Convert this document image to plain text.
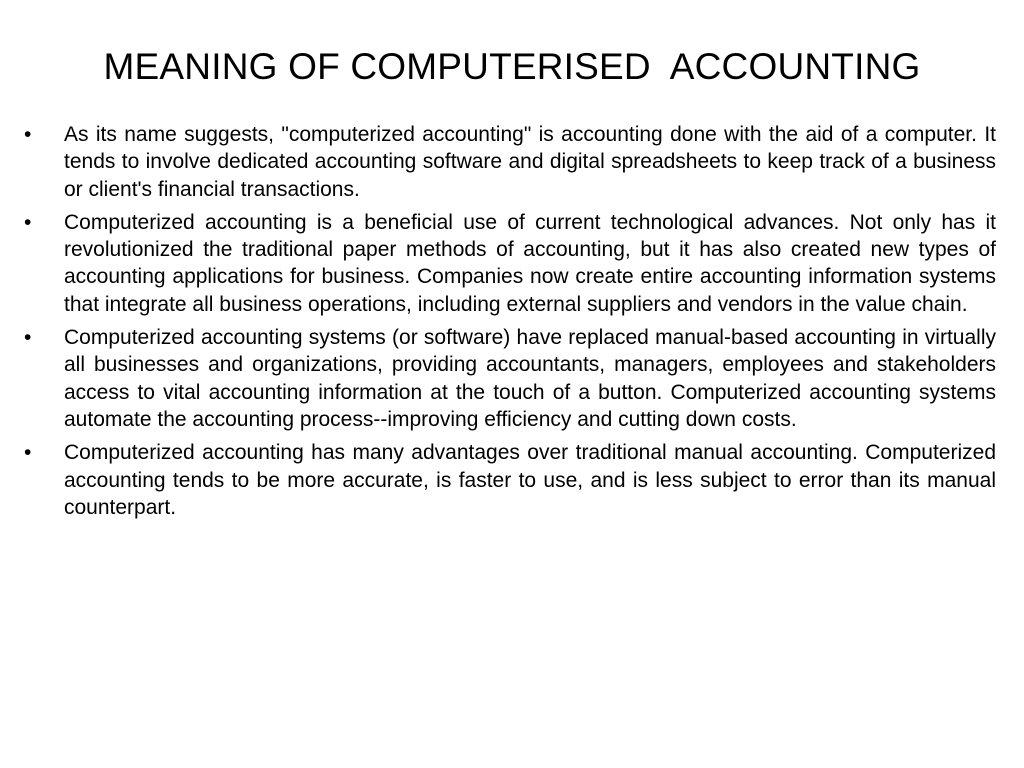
MEANING OF COMPUTERISED  ACCOUNTING
•	As its name suggests, "computerized accounting" is accounting done with the aid of a computer. It tends to involve dedicated accounting software and digital spreadsheets to keep track of a business or client's financial transactions.
•	Computerized accounting is a beneficial use of current technological advances. Not only has it revolutionized the traditional paper methods of accounting, but it has also created new types of accounting applications for business. Companies now create entire accounting information systems that integrate all business operations, including external suppliers and vendors in the value chain.
•	Computerized accounting systems (or software) have replaced manual-based accounting in virtually all businesses and organizations, providing accountants, managers, employees and stakeholders access to vital accounting information at the touch of a button. Computerized accounting systems automate the accounting process--improving efficiency and cutting down costs.
•	Computerized accounting has many advantages over traditional manual accounting. Computerized accounting tends to be more accurate, is faster to use, and is less subject to error than its manual counterpart.
